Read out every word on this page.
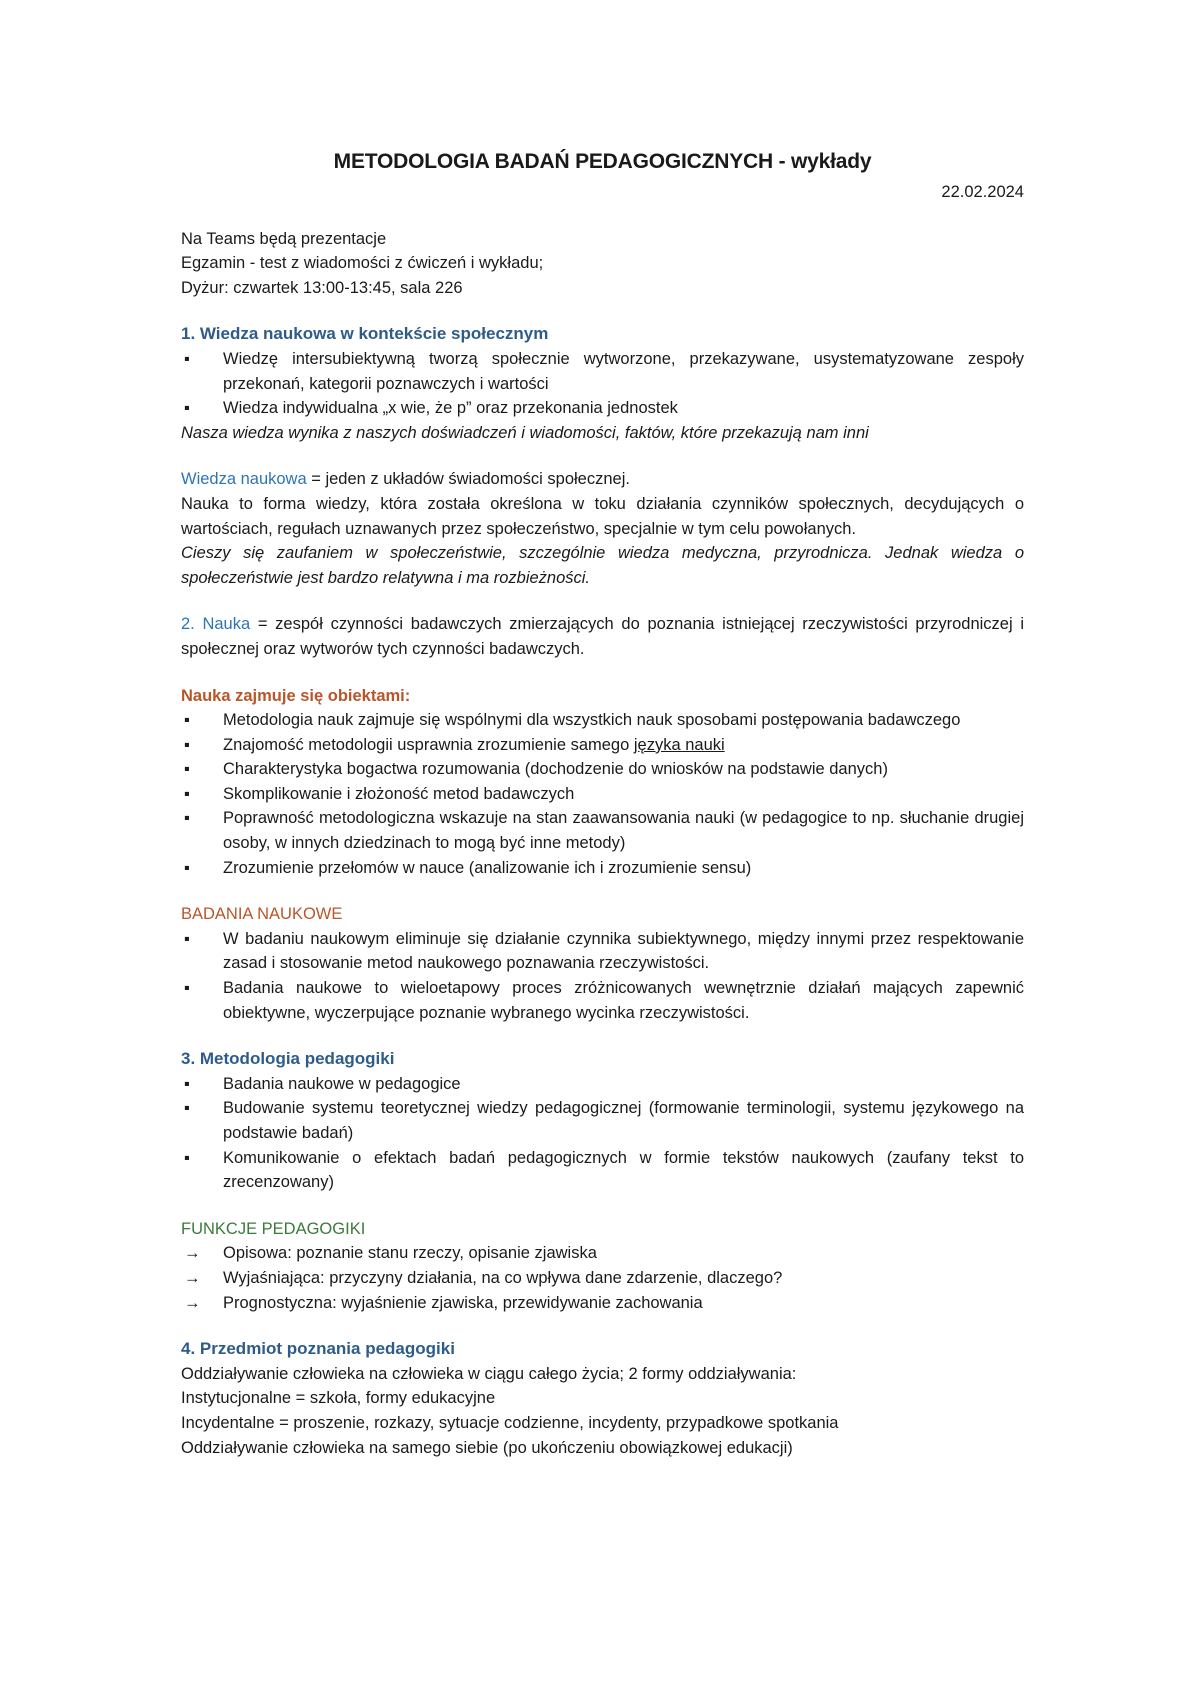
METODOLOGIA BADAŃ PEDAGOGICZNYCH - wykłady

22.02.2024

Na Teams będą prezentacje

Egzamin - test z wiadomości z ćwiczeń i wykładu;

Dyżur: czwartek 13:00-13:45, sala 226

1. Wiedza naukowa w kontekście społecznym

▪	Wiedzę intersubiektywną tworzą społecznie wytworzone, przekazywane, usystematyzowane zespoły przekonań, kategorii poznawczych i wartości
▪	Wiedza indywidualna „x wie, że p” oraz przekonania jednostek

Nasza wiedza wynika z naszych doświadczeń i wiadomości, faktów, które przekazują nam inni

Wiedza naukowa = jeden z układów świadomości społecznej.

Nauka to forma wiedzy, która została określona w toku działania czynników społecznych, decydujących o wartościach, regułach uznawanych przez społeczeństwo, specjalnie w tym celu powołanych.

Cieszy się zaufaniem w społeczeństwie, szczególnie wiedza medyczna, przyrodnicza. Jednak wiedza o społeczeństwie jest bardzo relatywna i ma rozbieżności.

2. Nauka = zespół czynności badawczych zmierzających do poznania istniejącej rzeczywistości przyrodniczej i społecznej oraz wytworów tych czynności badawczych.

Nauka zajmuje się obiektami:

▪	Metodologia nauk zajmuje się wspólnymi dla wszystkich nauk sposobami postępowania badawczego
▪	Znajomość metodologii usprawnia zrozumienie samego języka nauki
▪	Charakterystyka bogactwa rozumowania (dochodzenie do wniosków na podstawie danych)
▪	Skomplikowanie i złożoność metod badawczych
▪	Poprawność metodologiczna wskazuje na stan zaawansowania nauki (w pedagogice to np. słuchanie drugiej osoby, w innych dziedzinach to mogą być inne metody)
▪	Zrozumienie przełomów w nauce (analizowanie ich i zrozumienie sensu)

BADANIA NAUKOWE

▪	W badaniu naukowym eliminuje się działanie czynnika subiektywnego, między innymi przez respektowanie zasad i stosowanie metod naukowego poznawania rzeczywistości.
▪	Badania naukowe to wieloetapowy proces zróżnicowanych wewnętrznie działań mających zapewnić obiektywne, wyczerpujące poznanie wybranego wycinka rzeczywistości.

3. Metodologia pedagogiki

▪	Badania naukowe w pedagogice
▪	Budowanie systemu teoretycznej wiedzy pedagogicznej (formowanie terminologii, systemu językowego na podstawie badań)
▪	Komunikowanie o efektach badań pedagogicznych w formie tekstów naukowych (zaufany tekst to zrecenzowany)

FUNKCJE PEDAGOGIKI

→ Opisowa: poznanie stanu rzeczy, opisanie zjawiska
→ Wyjaśniająca: przyczyny działania, na co wpływa dane zdarzenie, dlaczego?
→ Prognostyczna: wyjaśnienie zjawiska, przewidywanie zachowania

4. Przedmiot poznania pedagogiki

Oddziaływanie człowieka na człowieka w ciągu całego życia; 2 formy oddziaływania:

Instytucjonalne = szkoła, formy edukacyjne

Incydentalne = proszenie, rozkazy, sytuacje codzienne, incydenty, przypadkowe spotkania

Oddziaływanie człowieka na samego siebie (po ukończeniu obowiązkowej edukacji)
